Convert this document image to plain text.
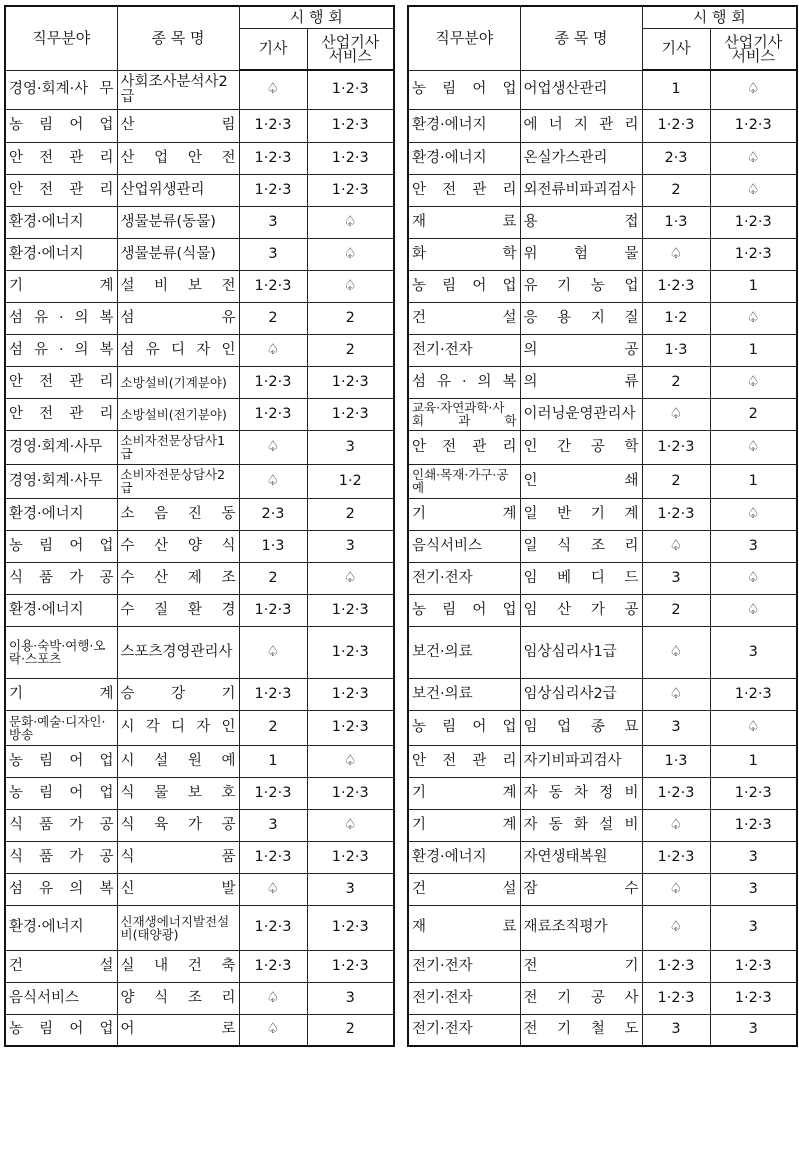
직무분야	종 목 명	시 행 회	
		기사	산업기사
서비스
경영·회계·사 무	사회조사분석사2급	♤	1·2·3
농 림 어 업	산 림	1·2·3	1·2·3
안 전 관 리	산 업 안 전	1·2·3	1·2·3
안 전 관 리	산업위생관리	1·2·3	1·2·3
환경·에너지	생물분류(동물)	3	♤
환경·에너지	생물분류(식물)	3	♤
기 계	설 비 보 전	1·2·3	♤
섬 유 · 의 복	섬 유	2	2
섬 유 · 의 복	섬 유 디 자 인	♤	2
안 전 관 리	소방설비(기계분야)	1·2·3	1·2·3
안 전 관 리	소방설비(전기분야)	1·2·3	1·2·3
경영·회계·사무	소비자전문상담사1급	♤	3
경영·회계·사무	소비자전문상담사2급	♤	1·2
환경·에너지	소 음 진 동	2·3	2
농 림 어 업	수 산 양 식	1·3	3
식 품 가 공	수 산 제 조	2	♤
환경·에너지	수 질 환 경	1·2·3	1·2·3
이용·숙박·여행·오락·스포츠	스포츠경영관리사	♤	1·2·3
기 계	승 강 기	1·2·3	1·2·3
문화·예술·디자인·방송	시 각 디 자 인	2	1·2·3
농 림 어 업	시 설 원 예	1	♤
농 림 어 업	식 물 보 호	1·2·3	1·2·3
식 품 가 공	식 육 가 공	3	♤
식 품 가 공	식 품	1·2·3	1·2·3
섬 유 의 복	신 발	♤	3
환경·에너지	신재생에너지발전설비(태양광)	1·2·3	1·2·3
건 설	실 내 건 축	1·2·3	1·2·3
음식서비스	양 식 조 리	♤	3
농 림 어 업	어 로	♤	2
직무분야	종 목 명	시 행 회	
		기사	산업기사
서비스
농 림 어 업	어업생산관리	1	♤
환경·에너지	에 너 지 관 리	1·2·3	1·2·3
환경·에너지	온실가스관리	2·3	♤
안 전 관 리	외전류비파괴검사	2	♤
재 료	용 접	1·3	1·2·3
화 학	위 험 물	♤	1·2·3
농 림 어 업	유 기 농 업	1·2·3	1
건 설	응 용 지 질	1·2	♤
전기·전자	의 공	1·3	1
섬 유 · 의 복	의 류	2	♤
교육·자연과학·사 회 과 학	이러닝운영관리사	♤	2
안 전 관 리	인 간 공 학	1·2·3	♤
인쇄·목재·가구·공예	인 쇄	2	1
기 계	일 반 기 계	1·2·3	♤
음식서비스	일 식 조 리	♤	3
전기·전자	임 베 디 드	3	♤
농 림 어 업	임 산 가 공	2	♤
보건·의료	임상심리사1급	♤	3
보건·의료	임상심리사2급	♤	1·2·3
농 림 어 업	임 업 종 묘	3	♤
안 전 관 리	자기비파괴검사	1·3	1
기 계	자 동 차 정 비	1·2·3	1·2·3
기 계	자 동 화 설 비	♤	1·2·3
환경·에너지	자연생태복원	1·2·3	3
건 설	잠 수	♤	3
재 료	재료조직평가	♤	3
전기·전자	전 기	1·2·3	1·2·3
전기·전자	전 기 공 사	1·2·3	1·2·3
전기·전자	전 기 철 도	3	3
